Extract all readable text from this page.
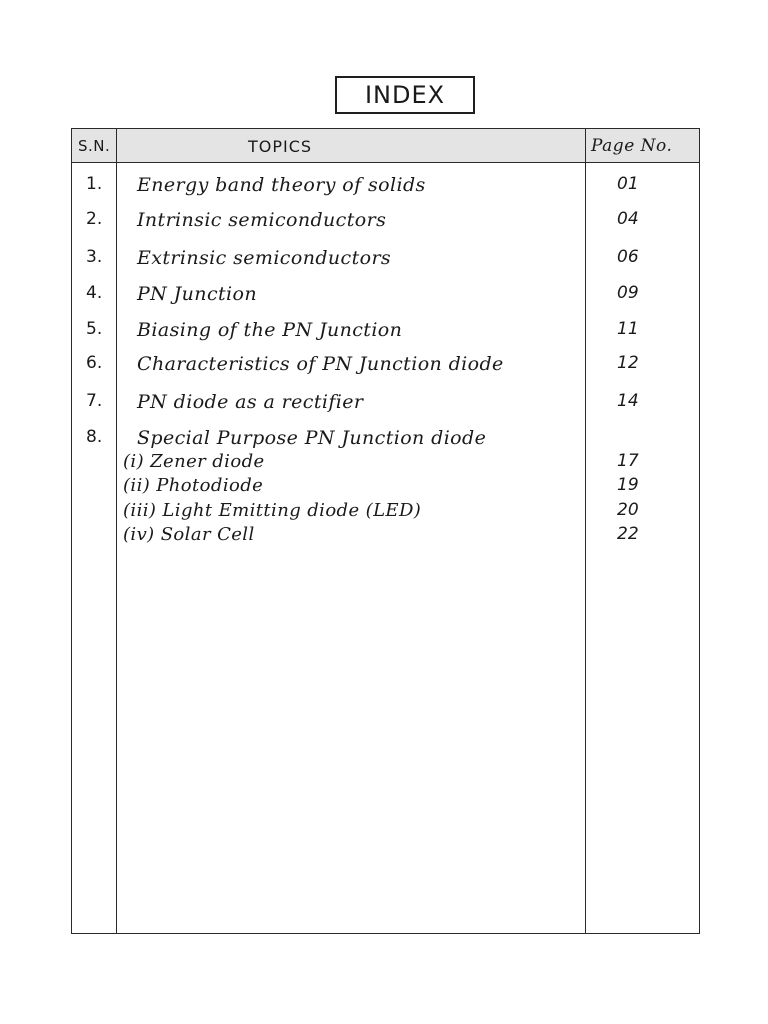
INDEX
S.N.	TOPICS	Page No.
1. Energy band theory of solids	01
2. Intrinsic semiconductors	04
3. Extrinsic semiconductors	06
4. PN Junction	09
5. Biasing of the PN Junction	11
6. Characteristics of PN Junction diode	12
7. PN diode as a rectifier	14
8. Special Purpose PN Junction diode
(i) Zener diode	17
(ii) Photodiode	19
(iii) Light Emitting diode (LED)	20
(iv) Solar Cell	22
